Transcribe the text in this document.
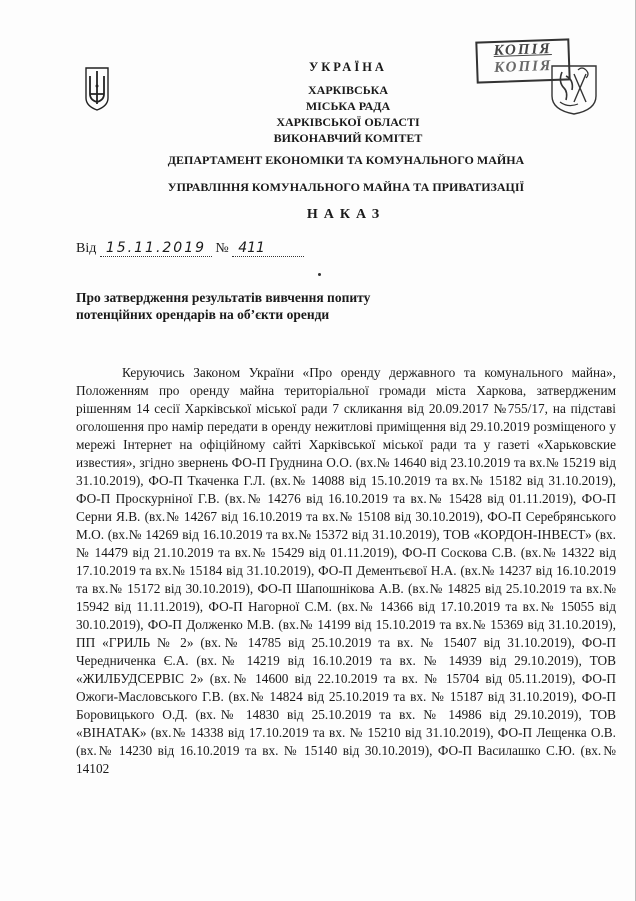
КОПІЯ
КОПІЯ
УКРАЇНА
ХАРКІВСЬКА
МІСЬКА РАДА
ХАРКІВСЬКОЇ ОБЛАСТІ
ВИКОНАВЧИЙ КОМІТЕТ
ДЕПАРТАМЕНТ ЕКОНОМІКИ ТА КОМУНАЛЬНОГО МАЙНА
УПРАВЛІННЯ КОМУНАЛЬНОГО МАЙНА ТА ПРИВАТИЗАЦІЇ
НАКАЗ
Від 15.11.2019 № 411
Про затвердження результатів вивчення попиту потенційних орендарів на об’єкти оренди

Керуючись Законом України «Про оренду державного та комунального майна», Положенням про оренду майна територіальної громади міста Харкова, затвердженим рішенням 14 сесії Харківської міської ради 7 скликання від 20.09.2017 №755/17, на підставі оголошення про намір передати в оренду нежитлові приміщення від 29.10.2019 розміщеного у мережі Інтернет на офіційному сайті Харківської міської ради та у газеті «Харьковские известия», згідно звернень ФО-П Груднина О.О. (вх.№ 14640 від 23.10.2019 та вх.№ 15219 від 31.10.2019), ФО-П Ткаченка Г.Л. (вх.№ 14088 від 15.10.2019 та вх.№ 15182 від 31.10.2019), ФО-П Проскурніної Г.В. (вх.№ 14276 від 16.10.2019 та вх.№ 15428 від 01.11.2019), ФО-П Серни Я.В. (вх.№ 14267 від 16.10.2019 та вх.№ 15108 від 30.10.2019), ФО-П Серебрянського М.О. (вх.№ 14269 від 16.10.2019 та вх.№ 15372 від 31.10.2019), ТОВ «КОРДОН-ІНВЕСТ» (вх.№ 14479 від 21.10.2019 та вх.№ 15429 від 01.11.2019), ФО-П Соскова С.В. (вх.№ 14322 від 17.10.2019 та вх.№ 15184 від 31.10.2019), ФО-П Дементьєвої Н.А. (вх.№ 14237 від 16.10.2019 та вх.№ 15172 від 30.10.2019), ФО-П Шапошнікова А.В. (вх.№ 14825 від 25.10.2019 та вх.№ 15942 від 11.11.2019), ФО-П Нагорної С.М. (вх.№ 14366 від 17.10.2019 та вх.№ 15055 від 30.10.2019), ФО-П Долженко М.В. (вх.№ 14199 від 15.10.2019 та вх.№ 15369 від 31.10.2019), ПП «ГРИЛЬ № 2» (вх.№ 14785 від 25.10.2019 та вх. № 15407 від 31.10.2019), ФО-П Чередниченка Є.А. (вх.№ 14219 від 16.10.2019 та вх. № 14939 від 29.10.2019), ТОВ «ЖИЛБУДСЕРВІС 2» (вх.№ 14600 від 22.10.2019 та вх. № 15704 від 05.11.2019), ФО-П Ожоги-Масловського Г.В. (вх.№ 14824 від 25.10.2019 та вх. № 15187 від 31.10.2019), ФО-П Боровицького О.Д. (вх.№ 14830 від 25.10.2019 та вх. № 14986 від 29.10.2019), ТОВ «ВІНАТАК» (вх.№ 14338 від 17.10.2019 та вх. № 15210 від 31.10.2019), ФО-П Лещенка О.В. (вх.№ 14230 від 16.10.2019 та вх. № 15140 від 30.10.2019), ФО-П Василашко С.Ю. (вх.№ 14102
